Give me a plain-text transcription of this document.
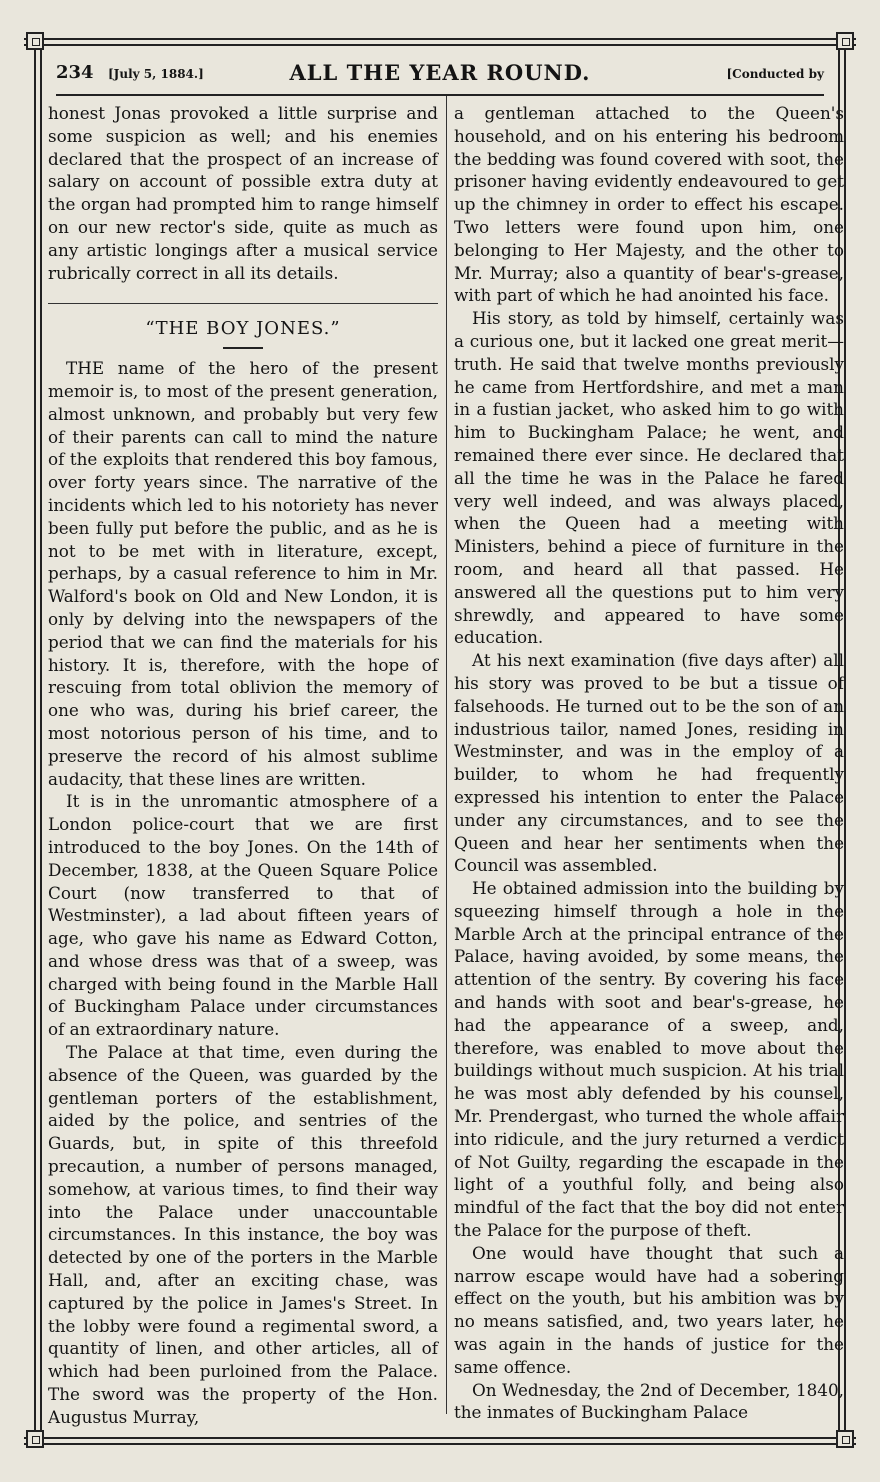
234 [July 5, 1884.]	ALL THE YEAR ROUND.	[Conducted by

honest Jonas provoked a little surprise and some suspicion as well; and his enemies declared that the prospect of an increase of salary on account of possible extra duty at the organ had prompted him to range himself on our new rector's side, quite as much as any artistic longings after a musical service rubrically correct in all its details.

“THE BOY JONES.”

THE name of the hero of the present memoir is, to most of the present generation, almost unknown, and probably but very few of their parents can call to mind the nature of the exploits that rendered this boy famous, over forty years since. The narrative of the incidents which led to his notoriety has never been fully put before the public, and as he is not to be met with in literature, except, perhaps, by a casual reference to him in Mr. Walford's book on Old and New London, it is only by delving into the newspapers of the period that we can find the materials for his history. It is, therefore, with the hope of rescuing from total oblivion the memory of one who was, during his brief career, the most notorious person of his time, and to preserve the record of his almost sublime audacity, that these lines are written.

It is in the unromantic atmosphere of a London police-court that we are first introduced to the boy Jones. On the 14th of December, 1838, at the Queen Square Police Court (now transferred to that of Westminster), a lad about fifteen years of age, who gave his name as Edward Cotton, and whose dress was that of a sweep, was charged with being found in the Marble Hall of Buckingham Palace under circumstances of an extraordinary nature.

The Palace at that time, even during the absence of the Queen, was guarded by the gentleman porters of the establishment, aided by the police, and sentries of the Guards, but, in spite of this threefold precaution, a number of persons managed, somehow, at various times, to find their way into the Palace under unaccountable circumstances. In this instance, the boy was detected by one of the porters in the Marble Hall, and, after an exciting chase, was captured by the police in James's Street. In the lobby were found a regimental sword, a quantity of linen, and other articles, all of which had been purloined from the Palace. The sword was the property of the Hon. Augustus Murray,

a gentleman attached to the Queen's household, and on his entering his bedroom the bedding was found covered with soot, the prisoner having evidently endeavoured to get up the chimney in order to effect his escape. Two letters were found upon him, one belonging to Her Majesty, and the other to Mr. Murray; also a quantity of bear's-grease, with part of which he had anointed his face.

His story, as told by himself, certainly was a curious one, but it lacked one great merit—truth. He said that twelve months previously he came from Hertfordshire, and met a man in a fustian jacket, who asked him to go with him to Buckingham Palace; he went, and remained there ever since. He declared that all the time he was in the Palace he fared very well indeed, and was always placed, when the Queen had a meeting with Ministers, behind a piece of furniture in the room, and heard all that passed. He answered all the questions put to him very shrewdly, and appeared to have some education.

At his next examination (five days after) all his story was proved to be but a tissue of falsehoods. He turned out to be the son of an industrious tailor, named Jones, residing in Westminster, and was in the employ of a builder, to whom he had frequently expressed his intention to enter the Palace under any circumstances, and to see the Queen and hear her sentiments when the Council was assembled.

He obtained admission into the building by squeezing himself through a hole in the Marble Arch at the principal entrance of the Palace, having avoided, by some means, the attention of the sentry. By covering his face and hands with soot and bear's-grease, he had the appearance of a sweep, and, therefore, was enabled to move about the buildings without much suspicion. At his trial he was most ably defended by his counsel, Mr. Prendergast, who turned the whole affair into ridicule, and the jury returned a verdict of Not Guilty, regarding the escapade in the light of a youthful folly, and being also mindful of the fact that the boy did not enter the Palace for the purpose of theft.

One would have thought that such a narrow escape would have had a sobering effect on the youth, but his ambition was by no means satisfied, and, two years later, he was again in the hands of justice for the same offence.

On Wednesday, the 2nd of December, 1840, the inmates of Buckingham Palace
